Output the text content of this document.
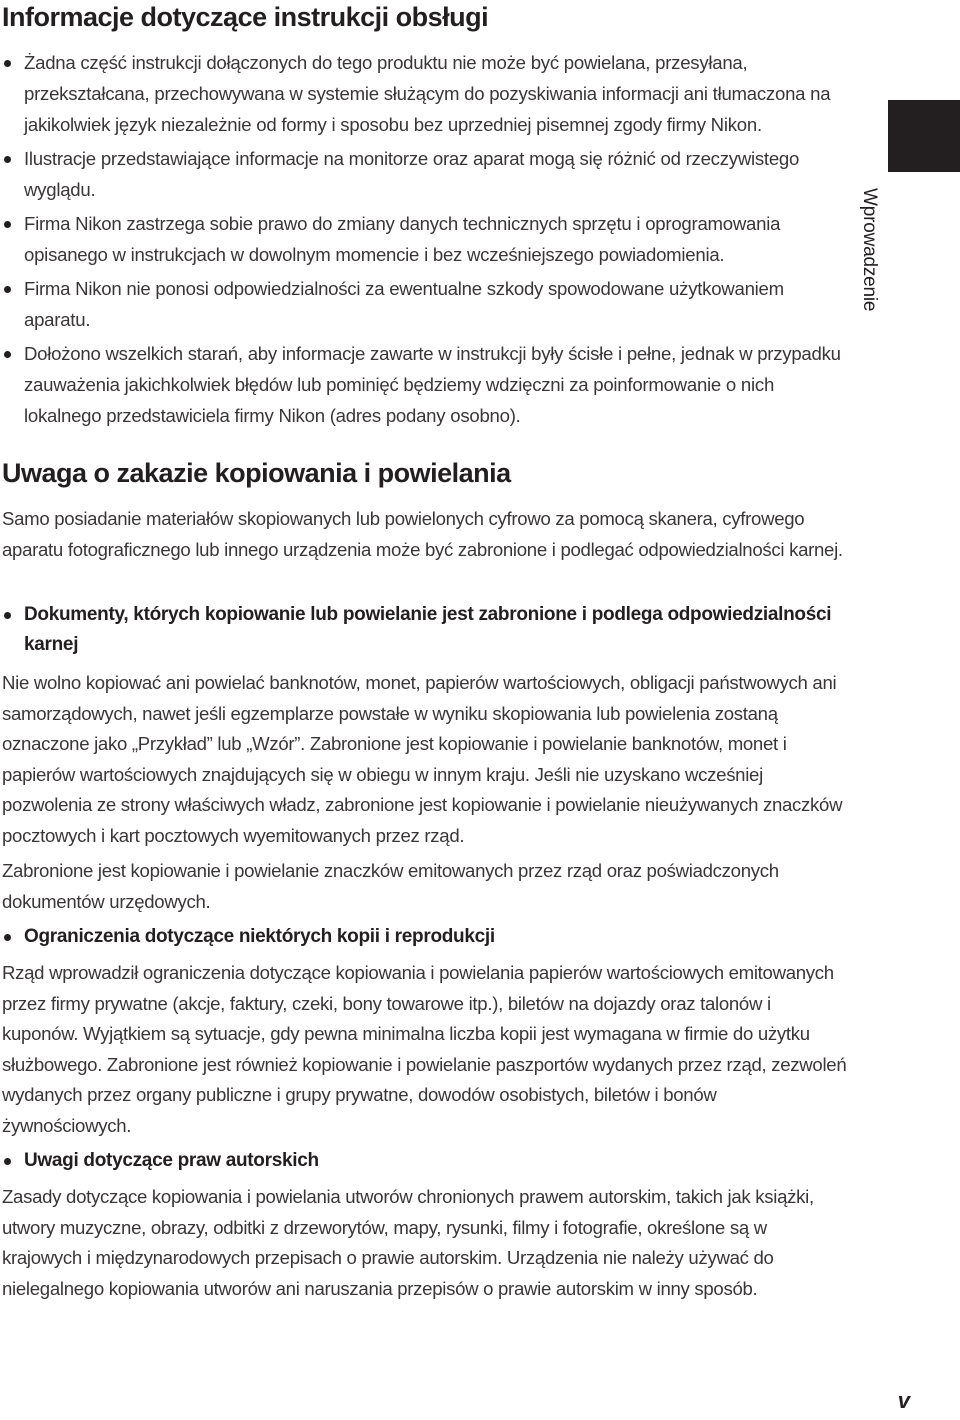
Informacje dotyczące instrukcji obsługi
Żadna część instrukcji dołączonych do tego produktu nie może być powielana, przesyłana, przekształcana, przechowywana w systemie służącym do pozyskiwania informacji ani tłumaczona na jakikolwiek język niezależnie od formy i sposobu bez uprzedniej pisemnej zgody firmy Nikon.
Ilustracje przedstawiające informacje na monitorze oraz aparat mogą się różnić od rzeczywistego wyglądu.
Firma Nikon zastrzega sobie prawo do zmiany danych technicznych sprzętu i oprogramowania opisanego w instrukcjach w dowolnym momencie i bez wcześniejszego powiadomienia.
Firma Nikon nie ponosi odpowiedzialności za ewentualne szkody spowodowane użytkowaniem aparatu.
Dołożono wszelkich starań, aby informacje zawarte w instrukcji były ścisłe i pełne, jednak w przypadku zauważenia jakichkolwiek błędów lub pominięć będziemy wdzięczni za poinformowanie o nich lokalnego przedstawiciela firmy Nikon (adres podany osobno).
Uwaga o zakazie kopiowania i powielania

Samo posiadanie materiałów skopiowanych lub powielonych cyfrowo za pomocą skanera, cyfrowego aparatu fotograficznego lub innego urządzenia może być zabronione i podlegać odpowiedzialności karnej.

Dokumenty, których kopiowanie lub powielanie jest zabronione i podlega odpowiedzialności karnej

Nie wolno kopiować ani powielać banknotów, monet, papierów wartościowych, obligacji państwowych ani samorządowych, nawet jeśli egzemplarze powstałe w wyniku skopiowania lub powielenia zostaną oznaczone jako „Przykład” lub „Wzór”. Zabronione jest kopiowanie i powielanie banknotów, monet i papierów wartościowych znajdujących się w obiegu w innym kraju. Jeśli nie uzyskano wcześniej pozwolenia ze strony właściwych władz, zabronione jest kopiowanie i powielanie nieużywanych znaczków pocztowych i kart pocztowych wyemitowanych przez rząd.

Zabronione jest kopiowanie i powielanie znaczków emitowanych przez rząd oraz poświadczonych dokumentów urzędowych.

Ograniczenia dotyczące niektórych kopii i reprodukcji

Rząd wprowadził ograniczenia dotyczące kopiowania i powielania papierów wartościowych emitowanych przez firmy prywatne (akcje, faktury, czeki, bony towarowe itp.), biletów na dojazdy oraz talonów i kuponów. Wyjątkiem są sytuacje, gdy pewna minimalna liczba kopii jest wymagana w firmie do użytku służbowego. Zabronione jest również kopiowanie i powielanie paszportów wydanych przez rząd, zezwoleń wydanych przez organy publiczne i grupy prywatne, dowodów osobistych, biletów i bonów żywnościowych.

Uwagi dotyczące praw autorskich

Zasady dotyczące kopiowania i powielania utworów chronionych prawem autorskim, takich jak książki, utwory muzyczne, obrazy, odbitki z drzeworytów, mapy, rysunki, filmy i fotografie, określone są w krajowych i międzynarodowych przepisach o prawie autorskim. Urządzenia nie należy używać do nielegalnego kopiowania utworów ani naruszania przepisów o prawie autorskim w inny sposób.

Wprowadzenie
v
